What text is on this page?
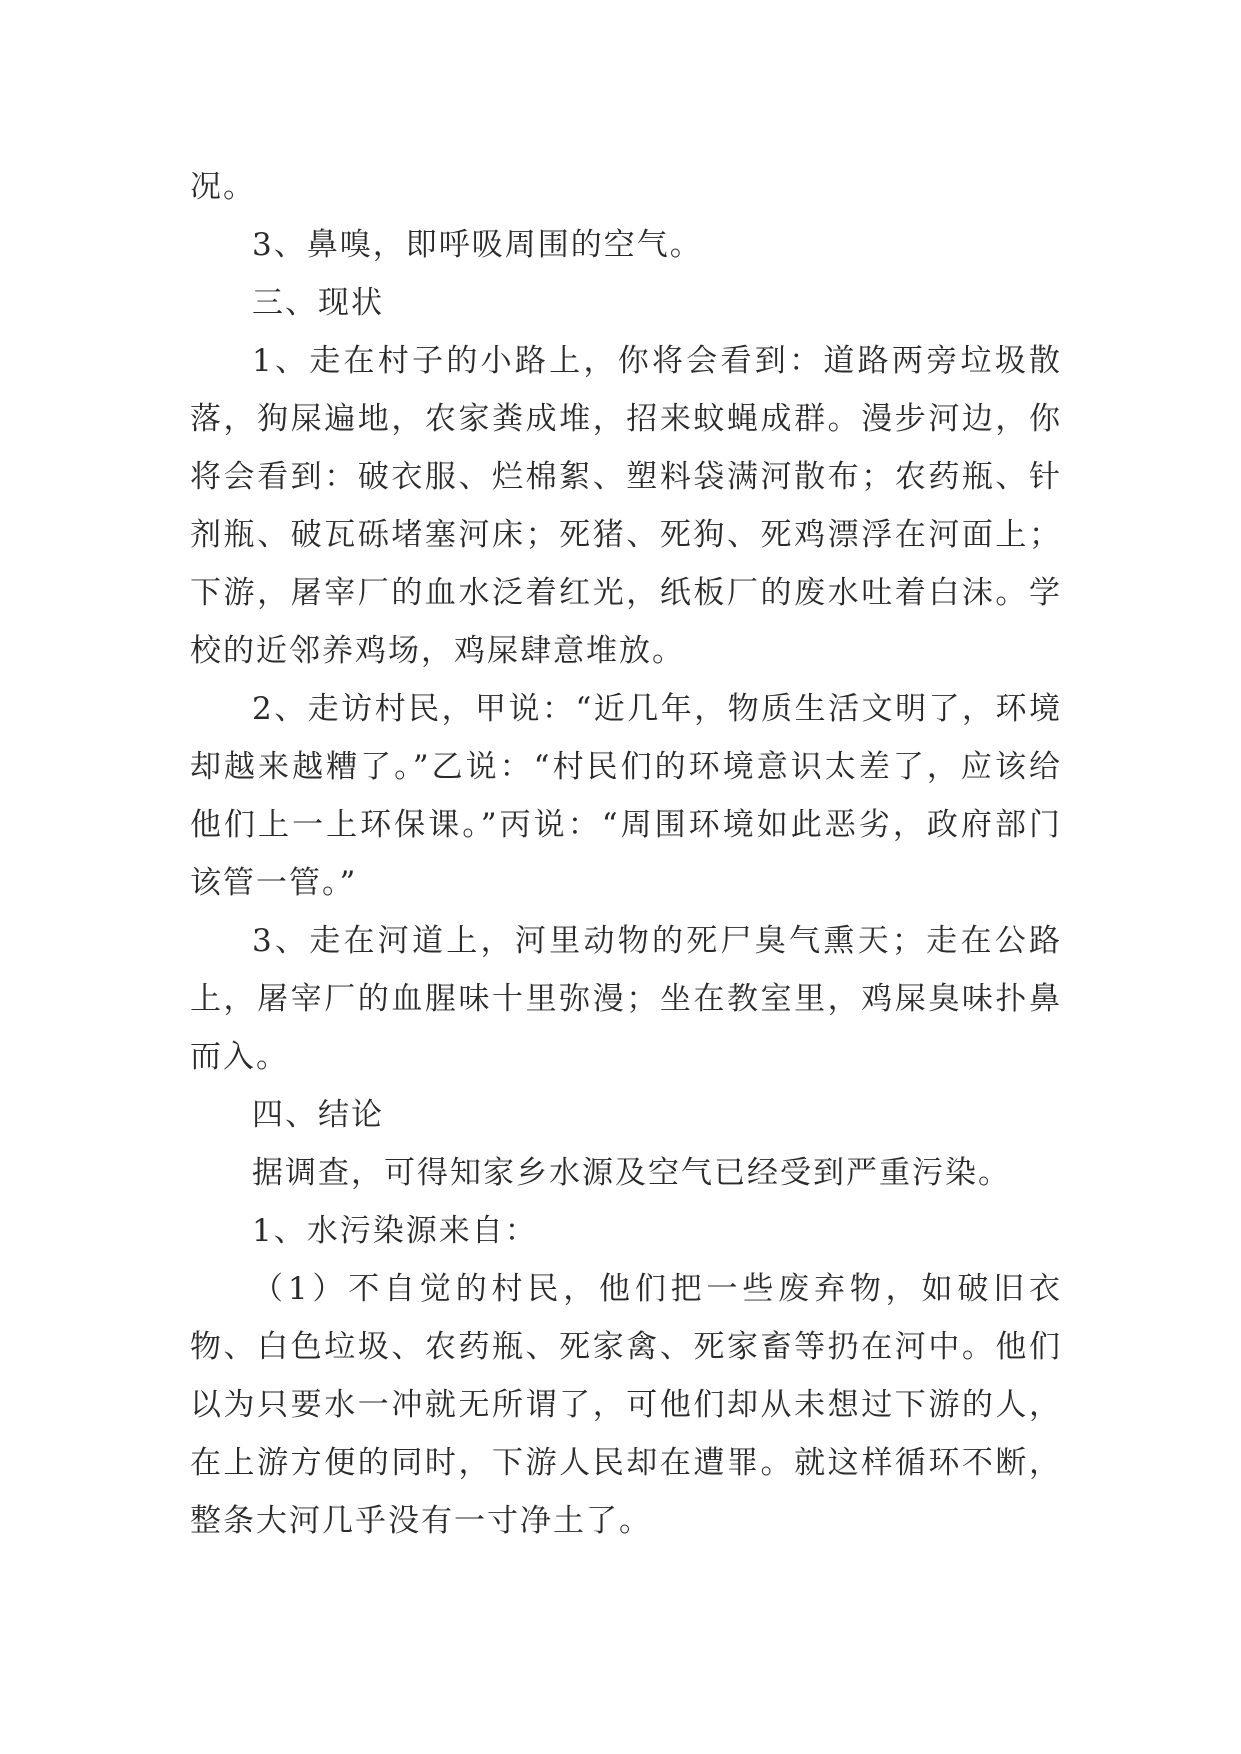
况。

3、鼻嗅，即呼吸周围的空气。

三、现状

1、走在村子的小路上，你将会看到：道路两旁垃圾散落，狗屎遍地，农家粪成堆，招来蚊蝇成群。漫步河边，你将会看到：破衣服、烂棉絮、塑料袋满河散布；农药瓶、针剂瓶、破瓦砾堵塞河床；死猪、死狗、死鸡漂浮在河面上；下游，屠宰厂的血水泛着红光，纸板厂的废水吐着白沫。学校的近邻养鸡场，鸡屎肆意堆放。

2、走访村民，甲说：“近几年，物质生活文明了，环境却越来越糟了。”乙说：“村民们的环境意识太差了，应该给他们上一上环保课。”丙说：“周围环境如此恶劣，政府部门该管一管。”

3、走在河道上，河里动物的死尸臭气熏天；走在公路上，屠宰厂的血腥味十里弥漫；坐在教室里，鸡屎臭味扑鼻而入。

四、结论

据调查，可得知家乡水源及空气已经受到严重污染。

1、水污染源来自：

（1）不自觉的村民，他们把一些废弃物，如破旧衣物、白色垃圾、农药瓶、死家禽、死家畜等扔在河中。他们以为只要水一冲就无所谓了，可他们却从未想过下游的人，在上游方便的同时，下游人民却在遭罪。就这样循环不断，整条大河几乎没有一寸净土了。
